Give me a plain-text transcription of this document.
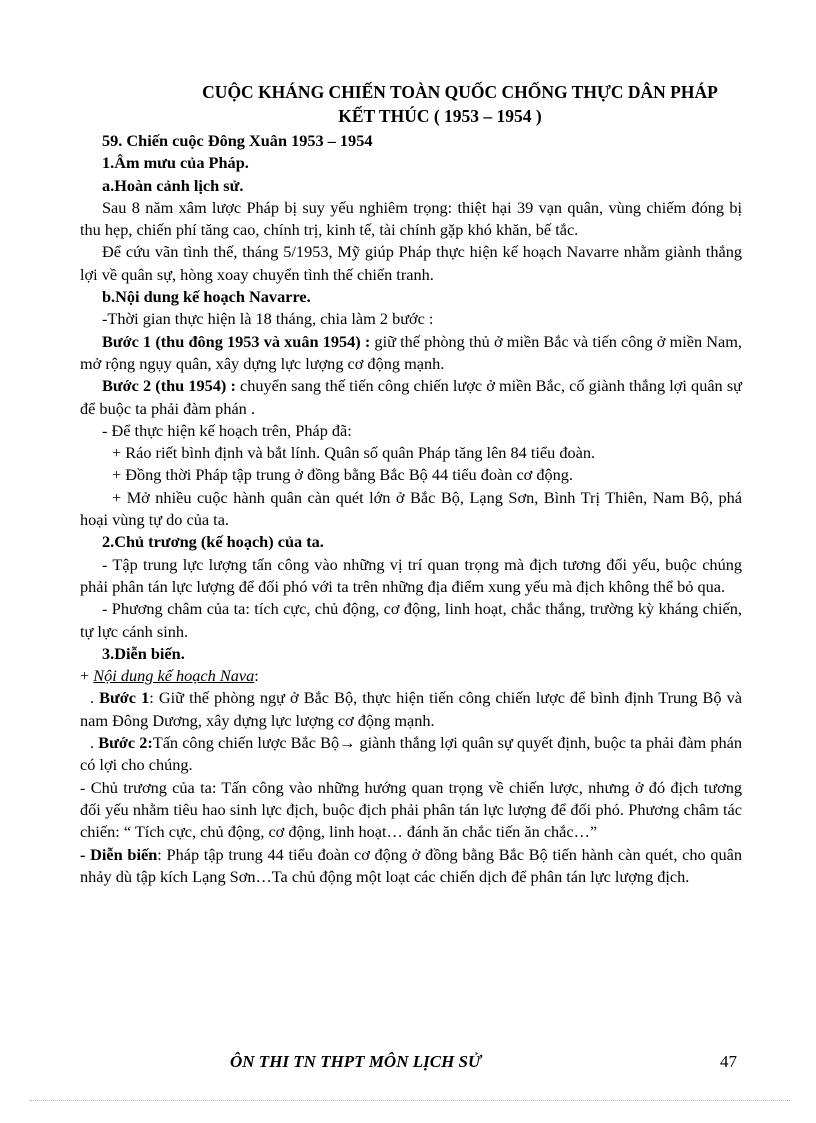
CUỘC KHÁNG CHIẾN TOÀN QUỐC CHỐNG THỰC DÂN PHÁP
KẾT THÚC ( 1953 – 1954 )

59. Chiến cuộc Đông Xuân 1953 – 1954

1.Âm mưu của Pháp.

a.Hoàn cảnh lịch sử.

Sau 8 năm xâm lược Pháp bị suy yếu nghiêm trọng: thiệt hại 39 vạn quân, vùng chiếm đóng bị thu hẹp, chiến phí tăng cao, chính trị, kinh tế, tài chính gặp khó khăn, bế tắc.

Để cứu vãn tình thế, tháng 5/1953, Mỹ giúp Pháp thực hiện kế hoạch Navarre nhằm giành thắng lợi về quân sự, hòng xoay chuyển tình thế chiến tranh.

b.Nội dung kế hoạch Navarre.

-Thời gian thực hiện là 18 tháng, chia làm 2 bước :

Bước 1 (thu đông 1953 và xuân 1954) : giữ thế phòng thủ ở miền Bắc và tiến công ở miền Nam, mở rộng ngụy quân, xây dựng lực lượng cơ động mạnh.

Bước 2 (thu 1954) : chuyển sang thế tiến công chiến lược ở miền Bắc, cố giành thắng lợi quân sự để buộc ta phải đàm phán .

- Để thực hiện kế hoạch trên, Pháp đã:

+ Ráo riết bình định và bắt lính. Quân số quân Pháp tăng lên 84 tiểu đoàn.

+ Đồng thời Pháp tập trung ở đồng bằng Bắc Bộ 44 tiểu đoàn cơ động.

+ Mở nhiều cuộc hành quân càn quét lớn ở Bắc Bộ, Lạng Sơn, Bình Trị Thiên, Nam Bộ, phá hoại vùng tự do của ta.

2.Chủ trương (kế hoạch) của ta.

- Tập trung lực lượng tấn công vào những vị trí quan trọng mà địch tương đối yếu, buộc chúng phải phân tán lực lượng để đối phó với ta trên những địa điểm xung yếu mà địch không thể bỏ qua.

- Phương châm của ta: tích cực, chủ động, cơ động, linh hoạt, chắc thắng, trường kỳ kháng chiến, tự lực cánh sinh.

3.Diễn biến.

+ Nội dung kế hoạch Nava:

. Bước 1: Giữ thế phòng ngự ở Bắc Bộ, thực hiện tiến công chiến lược để bình định Trung Bộ và nam Đông Dương, xây dựng lực lượng cơ động mạnh.

. Bước 2:Tấn công chiến lược Bắc Bộ→ giành thắng lợi quân sự quyết định, buộc ta phải đàm phán có lợi cho chúng.

- Chủ trương của ta: Tấn công vào những hướng quan trọng về chiến lược, nhưng ở đó địch tương đối yếu nhằm tiêu hao sinh lực địch, buộc địch phải phân tán lực lượng để đối phó. Phương châm tác chiến: “ Tích cực, chủ động, cơ động, linh hoạt… đánh ăn chắc tiến ăn chắc…”

- Diễn biến: Pháp tập trung 44 tiểu đoàn cơ động ở đồng bằng Bắc Bộ tiến hành càn quét, cho quân nhảy dù tập kích Lạng Sơn…Ta chủ động một loạt các chiến dịch để phân tán lực lượng địch.

ÔN THI TN THPT MÔN LỊCH SỬ	47
